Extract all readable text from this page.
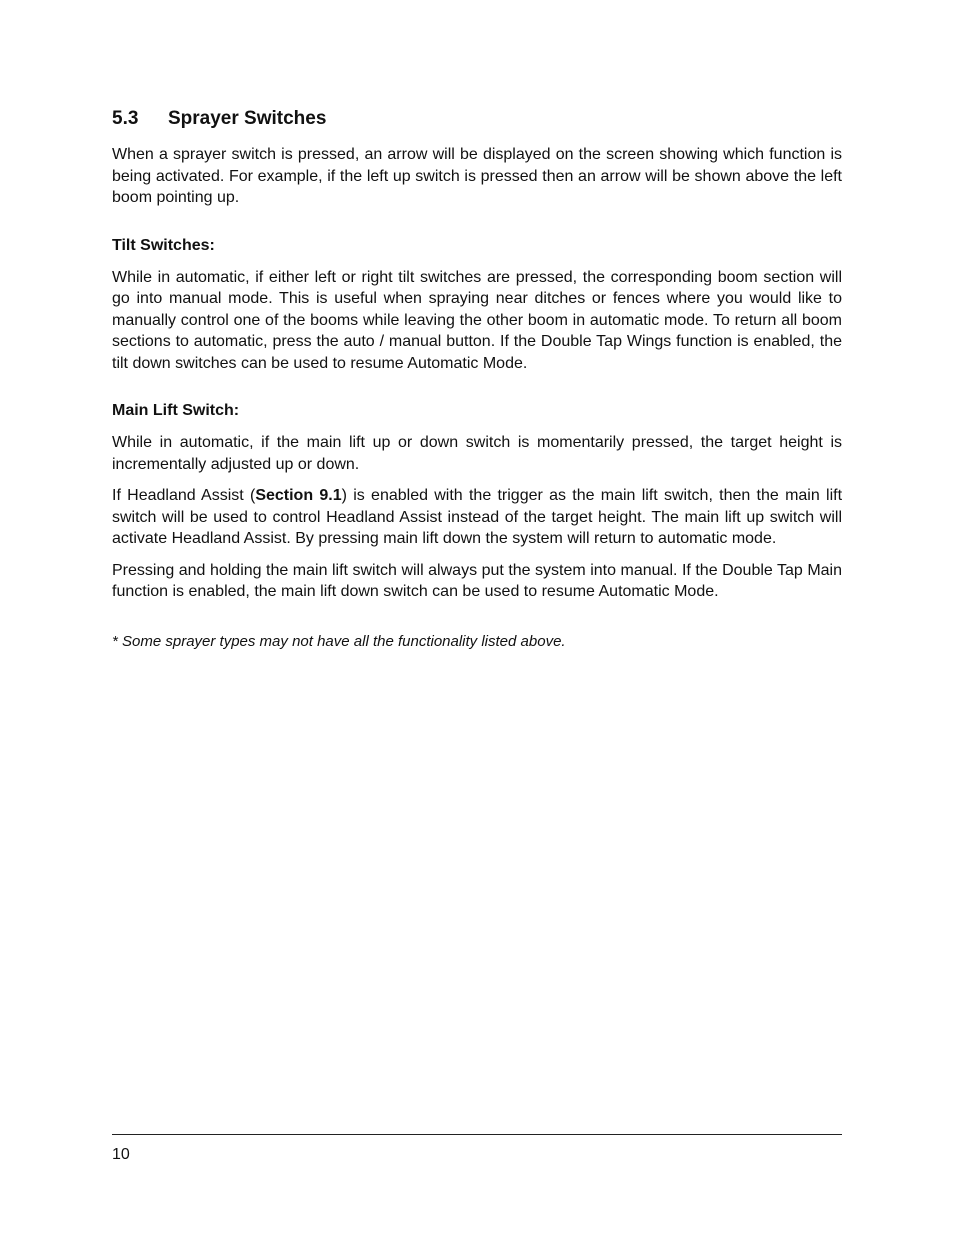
5.3	Sprayer Switches

When a sprayer switch is pressed, an arrow will be displayed on the screen showing which function is being activated. For example, if the left up switch is pressed then an arrow will be shown above the left boom pointing up.

Tilt Switches:

While in automatic, if either left or right tilt switches are pressed, the corresponding boom section will go into manual mode. This is useful when spraying near ditches or fences where you would like to manually control one of the booms while leaving the other boom in automatic mode. To return all boom sections to automatic, press the auto / manual button. If the Double Tap Wings function is enabled, the tilt down switches can be used to resume Automatic Mode.

Main Lift Switch:

While in automatic, if the main lift up or down switch is momentarily pressed, the target height is incrementally adjusted up or down.

If Headland Assist (Section 9.1) is enabled with the trigger as the main lift switch, then the main lift switch will be used to control Headland Assist instead of the target height. The main lift up switch will activate Headland Assist. By pressing main lift down the system will return to automatic mode.

Pressing and holding the main lift switch will always put the system into manual. If the Double Tap Main function is enabled, the main lift down switch can be used to resume Automatic Mode.

* Some sprayer types may not have all the functionality listed above.
10
